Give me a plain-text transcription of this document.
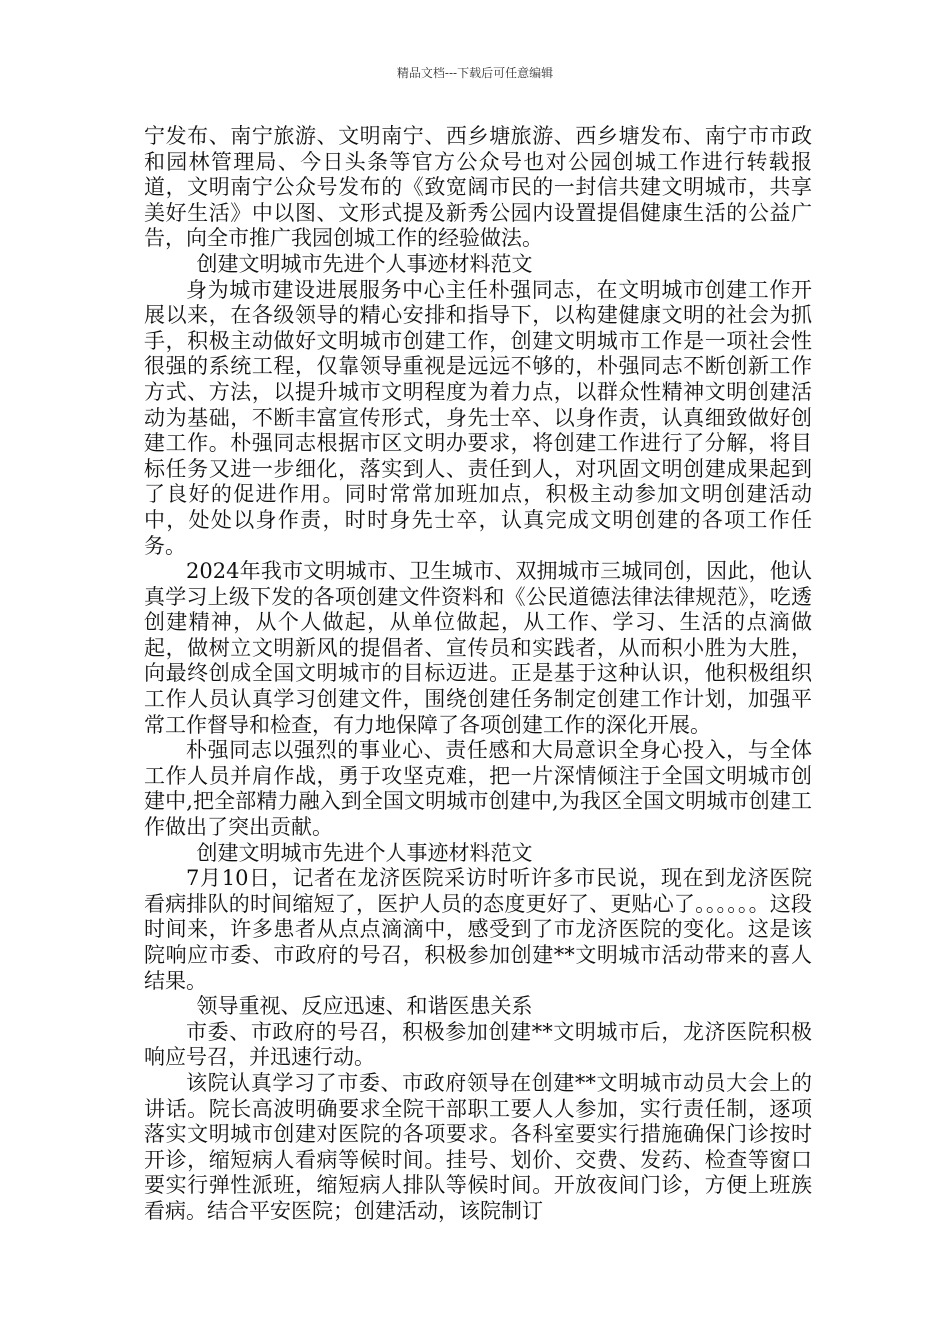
精品文档---下载后可任意编辑

宁发布、南宁旅游、文明南宁、西乡塘旅游、西乡塘发布、南宁市市政和园林管理局、今日头条等官方公众号也对公园创城工作进行转载报道，文明南宁公众号发布的《致宽阔市民的一封信共建文明城市，共享美好生活》中以图、文形式提及新秀公园内设置提倡健康生活的公益广告，向全市推广我园创城工作的经验做法。

创建文明城市先进个人事迹材料范文

身为城市建设进展服务中心主任朴强同志，在文明城市创建工作开展以来，在各级领导的精心安排和指导下，以构建健康文明的社会为抓手，积极主动做好文明城市创建工作，创建文明城市工作是一项社会性很强的系统工程，仅靠领导重视是远远不够的，朴强同志不断创新工作方式、方法，以提升城市文明程度为着力点，以群众性精神文明创建活动为基础，不断丰富宣传形式，身先士卒、以身作责，认真细致做好创建工作。朴强同志根据市区文明办要求，将创建工作进行了分解，将目标任务又进一步细化，落实到人、责任到人，对巩固文明创建成果起到了良好的促进作用。同时常常加班加点，积极主动参加文明创建活动中，处处以身作责，时时身先士卒，认真完成文明创建的各项工作任务。

2024年我市文明城市、卫生城市、双拥城市三城同创，因此，他认真学习上级下发的各项创建文件资料和《公民道德法律法律规范》，吃透创建精神，从个人做起，从单位做起，从工作、学习、生活的点滴做起，做树立文明新风的提倡者、宣传员和实践者，从而积小胜为大胜，向最终创成全国文明城市的目标迈进。正是基于这种认识，他积极组织工作人员认真学习创建文件，围绕创建任务制定创建工作计划，加强平常工作督导和检查，有力地保障了各项创建工作的深化开展。

朴强同志以强烈的事业心、责任感和大局意识全身心投入，与全体工作人员并肩作战，勇于攻坚克难，把一片深情倾注于全国文明城市创建中,把全部精力融入到全国文明城市创建中,为我区全国文明城市创建工作做出了突出贡献。

创建文明城市先进个人事迹材料范文

7月10日，记者在龙济医院采访时听许多市民说，现在到龙济医院看病排队的时间缩短了，医护人员的态度更好了、更贴心了。。。。。。这段时间来，许多患者从点点滴滴中，感受到了市龙济医院的变化。这是该院响应市委、市政府的号召，积极参加创建**文明城市活动带来的喜人结果。

领导重视、反应迅速、和谐医患关系

市委、市政府的号召，积极参加创建**文明城市后，龙济医院积极响应号召，并迅速行动。

该院认真学习了市委、市政府领导在创建**文明城市动员大会上的讲话。院长高波明确要求全院干部职工要人人参加，实行责任制，逐项落实文明城市创建对医院的各项要求。各科室要实行措施确保门诊按时开诊，缩短病人看病等候时间。挂号、划价、交费、发药、检查等窗口要实行弹性派班，缩短病人排队等候时间。开放夜间门诊，方便上班族看病。结合平安医院；创建活动，该院制订
